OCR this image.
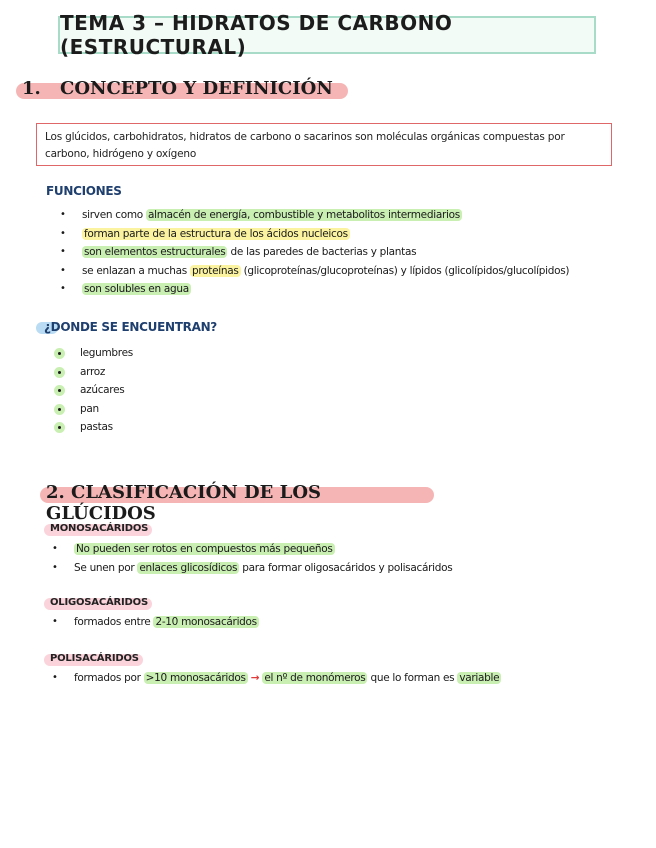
TEMA 3 – HIDRATOS DE CARBONO (ESTRUCTURAL)
1. CONCEPTO Y DEFINICIÓN
Los glúcidos, carbohidratos, hidratos de carbono o sacarinos son moléculas orgánicas compuestas por carbono, hidrógeno y oxígeno
FUNCIONES
• sirven como almacén de energía, combustible y metabolitos intermediarios
• forman parte de la estructura de los ácidos nucleicos
• son elementos estructurales de las paredes de bacterias y plantas
• se enlazan a muchas proteínas (glicoproteínas/glucoproteínas) y lípidos (glicolípidos/glucolípidos)
• son solubles en agua
¿DONDE SE ENCUENTRAN?
legumbres
arroz
azúcares
pan
pastas
2. CLASIFICACIÓN DE LOS GLÚCIDOS
MONOSACÁRIDOS
• No pueden ser rotos en compuestos más pequeños
• Se unen por enlaces glicosídicos para formar oligosacáridos y polisacáridos
OLIGOSACÁRIDOS
• formados entre 2-10 monosacáridos
POLISACÁRIDOS
• formados por >10 monosacáridos → el nº de monómeros que lo forman es variable
